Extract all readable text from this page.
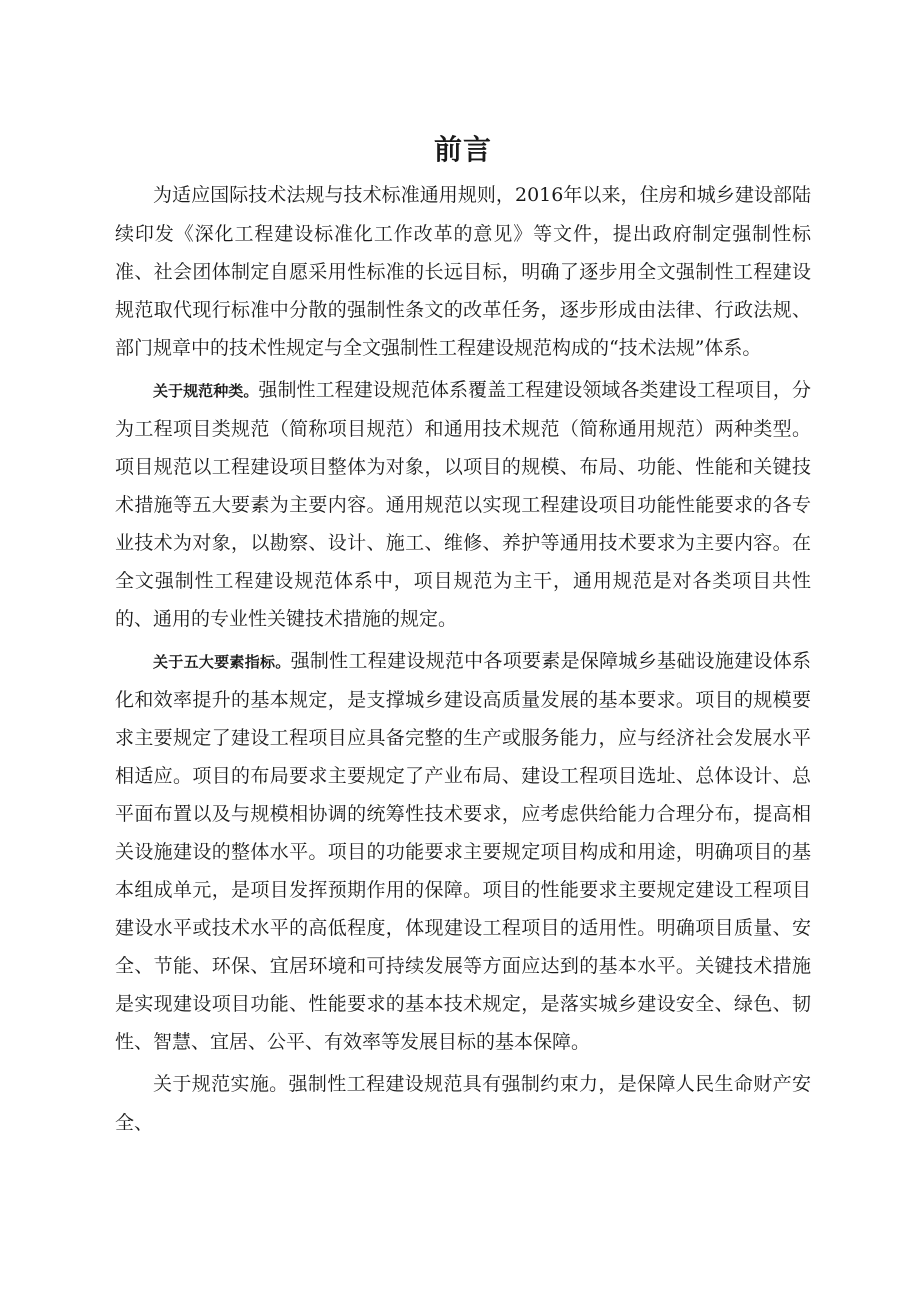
前言

为适应国际技术法规与技术标准通用规则，2016年以来，住房和城乡建设部陆续印发《深化工程建设标准化工作改革的意见》等文件，提出政府制定强制性标准、社会团体制定自愿采用性标准的长远目标，明确了逐步用全文强制性工程建设规范取代现行标准中分散的强制性条文的改革任务，逐步形成由法律、行政法规、部门规章中的技术性规定与全文强制性工程建设规范构成的“技术法规”体系。

关于规范种类。强制性工程建设规范体系覆盖工程建设领域各类建设工程项目，分为工程项目类规范（简称项目规范）和通用技术规范（简称通用规范）两种类型。项目规范以工程建设项目整体为对象，以项目的规模、布局、功能、性能和关键技术措施等五大要素为主要内容。通用规范以实现工程建设项目功能性能要求的各专业技术为对象，以勘察、设计、施工、维修、养护等通用技术要求为主要内容。在全文强制性工程建设规范体系中，项目规范为主干，通用规范是对各类项目共性的、通用的专业性关键技术措施的规定。

关于五大要素指标。强制性工程建设规范中各项要素是保障城乡基础设施建设体系化和效率提升的基本规定，是支撑城乡建设高质量发展的基本要求。项目的规模要求主要规定了建设工程项目应具备完整的生产或服务能力，应与经济社会发展水平相适应。项目的布局要求主要规定了产业布局、建设工程项目选址、总体设计、总平面布置以及与规模相协调的统筹性技术要求，应考虑供给能力合理分布，提高相关设施建设的整体水平。项目的功能要求主要规定项目构成和用途，明确项目的基本组成单元，是项目发挥预期作用的保障。项目的性能要求主要规定建设工程项目建设水平或技术水平的高低程度，体现建设工程项目的适用性。明确项目质量、安全、节能、环保、宜居环境和可持续发展等方面应达到的基本水平。关键技术措施是实现建设项目功能、性能要求的基本技术规定，是落实城乡建设安全、绿色、韧性、智慧、宜居、公平、有效率等发展目标的基本保障。

关于规范实施。强制性工程建设规范具有强制约束力，是保障人民生命财产安全、
